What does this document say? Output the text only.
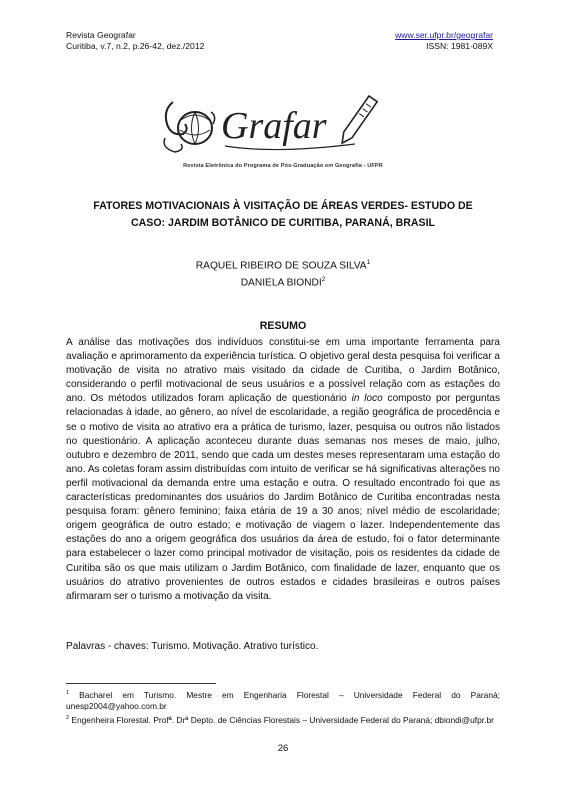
Revista Geografar
Curitiba, v.7, n.2, p.26-42, dez./2012
www.ser.ufpr.br/geografar
ISSN: 1981-089X
Grafar
Revista Eletrônica do Programa de Pós-Graduação em Geografia - UFPR
FATORES MOTIVACIONAIS À VISITAÇÃO DE ÁREAS VERDES- ESTUDO DE
CASO: JARDIM BOTÂNICO DE CURITIBA, PARANÁ, BRASIL
RAQUEL RIBEIRO DE SOUZA SILVA$^1$
DANIELA BIONDI$^2$
RESUMO
A análise das motivações dos indivíduos constitui-se em uma importante ferramenta para avaliação e aprimoramento da experiência turística. O objetivo geral desta pesquisa foi verificar a motivação de visita no atrativo mais visitado da cidade de Curitiba, o Jardim Botânico, considerando o perfil motivacional de seus usuários e a possível relação com as estações do ano. Os métodos utilizados foram aplicação de questionário in loco composto por perguntas relacionadas à idade, ao gênero, ao nível de escolaridade, a região geográfica de procedência e se o motivo de visita ao atrativo era a prática de turismo, lazer, pesquisa ou outros não listados no questionário. A aplicação aconteceu durante duas semanas nos meses de maio, julho, outubro e dezembro de 2011, sendo que cada um destes meses representaram uma estação do ano. As coletas foram assim distribuídas com intuito de verificar se há significativas alterações no perfil motivacional da demanda entre uma estação e outra. O resultado encontrado foi que as características predominantes dos usuários do Jardim Botânico de Curitiba encontradas nesta pesquisa foram: gênero feminino; faixa etária de 19 a 30 anos; nível médio de escolaridade; origem geográfica de outro estado; e motivação de viagem o lazer. Independentemente das estações do ano a origem geográfica dos usuários da área de estudo, foi o fator determinante para estabelecer o lazer como principal motivador de visitação, pois os residentes da cidade de Curitiba são os que mais utilizam o Jardim Botânico, com finalidade de lazer, enquanto que os usuários do atrativo provenientes de outros estados e cidades brasileiras e outros países afirmaram ser o turismo a motivação da visita.
Palavras - chaves: Turismo. Motivação. Atrativo turístico.
$^1$ Bacharel em Turismo. Mestre em Engenharia Florestal – Universidade Federal do Paraná; unesp2004@yahoo.com.br
$^2$ Engenheira Florestal. Profª. Drª Depto. de Ciências Florestais – Universidade Federal do Paraná; dbiondi@ufpr.br
26
